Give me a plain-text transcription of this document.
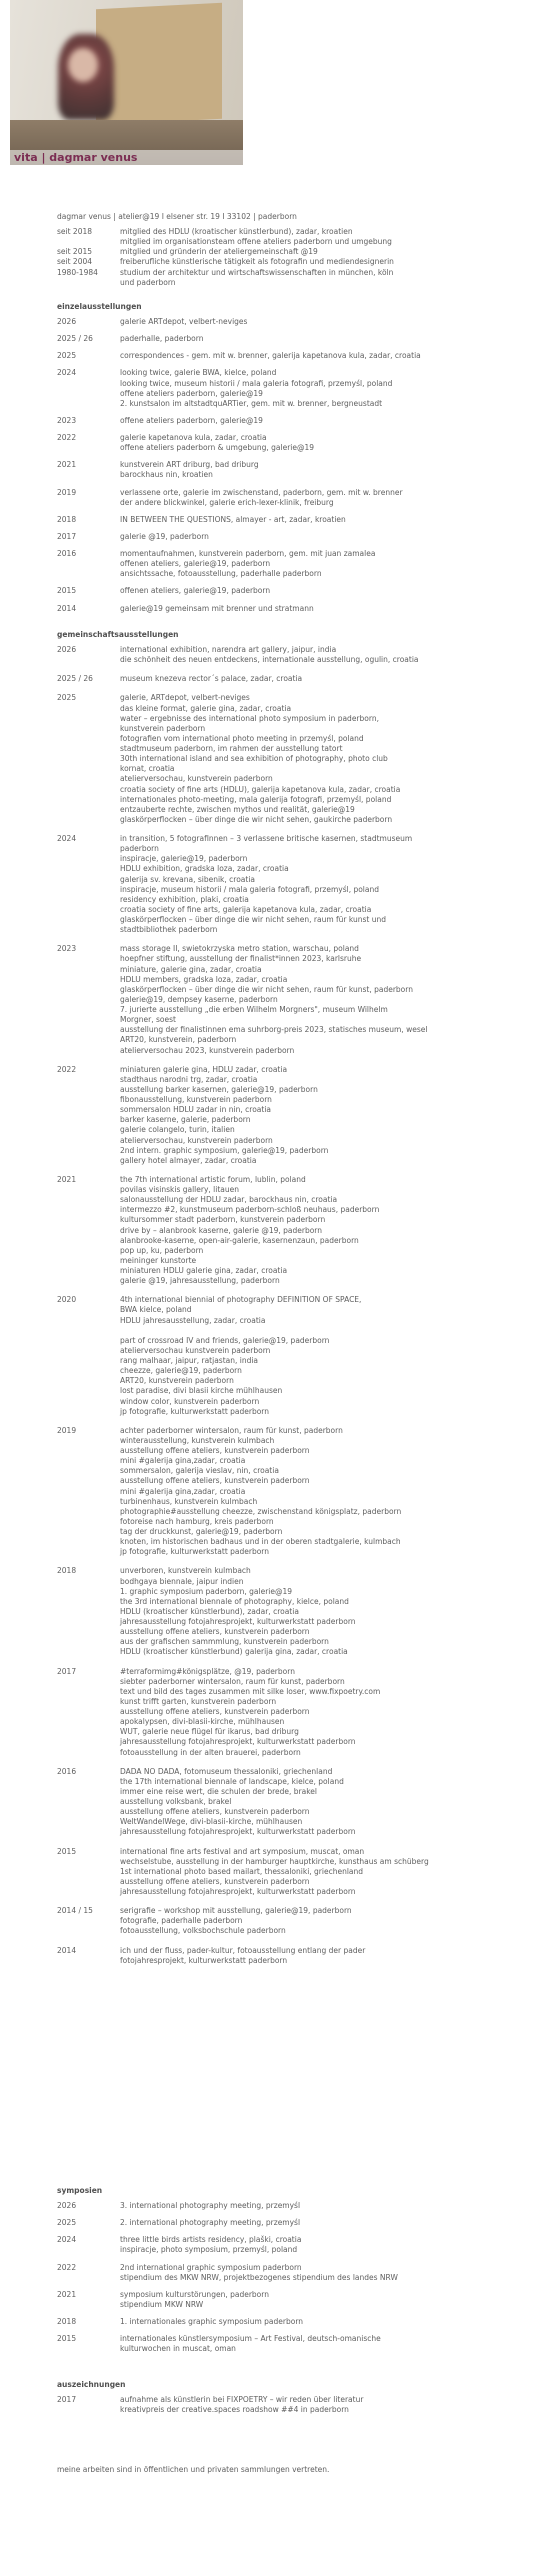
vita | dagmar venus
dagmar venus | atelier@19 I elsener str. 19 I 33102 | paderborn
seit 2018	mitglied des HDLU (kroatischer künstlerbund), zadar, kroatien
mitglied im organisationsteam offene ateliers paderborn und umgebung
seit 2015	mitglied und gründerin der ateliergemeinschaft @19
seit 2004	freiberufliche künstlerische tätigkeit als fotografin und mediendesignerin
1980-1984	studium der architektur und wirtschaftswissenschaften in münchen, köln
und paderborn
einzelausstellungen
2026	galerie ARTdepot, velbert-neviges
2025 / 26	paderhalle, paderborn
2025	correspondences - gem. mit w. brenner, galerija kapetanova kula, zadar, croatia
2024	looking twice, galerie BWA, kielce, poland
looking twice, museum historii / mala galeria fotografi, przemyśl, poland
offene ateliers paderborn, galerie@19
2. kunstsalon im altstadtquARTier, gem. mit w. brenner, bergneustadt
2023	offene ateliers paderborn, galerie@19
2022	galerie kapetanova kula, zadar, croatia
offene ateliers paderborn & umgebung, galerie@19
2021	kunstverein ART driburg, bad driburg
barockhaus nin, kroatien
2019	verlassene orte, galerie im zwischenstand, paderborn, gem. mit w. brenner
der andere blickwinkel, galerie erich-lexer-klinik, freiburg
2018	IN BETWEEN THE QUESTIONS, almayer - art, zadar, kroatien
2017	galerie @19, paderborn
2016	momentaufnahmen, kunstverein paderborn, gem. mit juan zamalea
offenen ateliers, galerie@19, paderborn
ansichtssache, fotoausstellung, paderhalle paderborn
2015	offenen ateliers, galerie@19, paderborn
2014	galerie@19 gemeinsam mit brenner und stratmann
gemeinschaftsausstellungen
2026	international exhibition, narendra art gallery, jaipur, india
die schönheit des neuen entdeckens, internationale ausstellung, ogulin, croatia
2025 / 26	museum knezeva rector´s palace, zadar, croatia
2025	galerie, ARTdepot, velbert-neviges
das kleine format, galerie gina, zadar, croatia
water – ergebnisse des international photo symposium in paderborn,
kunstverein paderborn
fotografien vom international photo meeting in przemyśl, poland
stadtmuseum paderborn, im rahmen der ausstellung tatort
30th international island and sea exhibition of photography, photo club
kornat, croatia
atelierversochau, kunstverein paderborn
croatia society of fine arts (HDLU), galerija kapetanova kula, zadar, croatia
internationales photo-meeting, mala galerija fotografi, przemyśl, poland
entzauberte rechte, zwischen mythos und realität, galerie@19
glaskörperflocken – über dinge die wir nicht sehen, gaukirche paderborn
2024	in transition, 5 fotografInnen – 3 verlassene britische kasernen, stadtmuseum
paderborn
inspiracje, galerie@19, paderborn
HDLU exhibition, gradska loza, zadar, croatia
galerija sv. krevana, sibenik, croatia
inspiracje, museum historii / mala galeria fotografi, przemyśl, poland
residency exhibition, plaki, croatia
croatia society of fine arts, galerija kapetanova kula, zadar, croatia
glaskörperflocken – über dinge die wir nicht sehen, raum für kunst und
stadtbibliothek paderborn
2023	mass storage II, swietokrzyska metro station, warschau, poland
hoepfner stiftung, ausstellung der finalist*innen 2023, karlsruhe
miniature, galerie gina, zadar, croatia
HDLU members, gradska loza, zadar, croatia
glaskörperflocken – über dinge die wir nicht sehen, raum für kunst, paderborn
galerie@19, dempsey kaserne, paderborn
7. jurierte ausstellung „die erben Wilhelm Morgners", museum Wilhelm
Morgner, soest
ausstellung der finalistinnen ema suhrborg-preis 2023, statisches museum, wesel
ART20, kunstverein, paderborn
atelierversochau 2023, kunstverein paderborn
2022	miniaturen galerie gina, HDLU zadar, croatia
stadthaus narodni trg, zadar, croatia
ausstellung barker kasernen, galerie@19, paderborn
fibonausstellung, kunstverein paderborn
sommersalon HDLU zadar in nin, croatia
barker kaserne, galerie, paderborn
galerie colangelo, turin, italien
atelierversochau, kunstverein paderborn
2nd intern. graphic symposium, galerie@19, paderborn
gallery hotel almayer, zadar, croatia
2021	the 7th international artistic forum, lublin, poland
povilas visinskis gallery, litauen
salonausstellung der HDLU zadar, barockhaus nin, croatia
intermezzo #2, kunstmuseum paderborn-schloß neuhaus, paderborn
kultursommer stadt paderborn, kunstverein paderborn
drive by – alanbrook kaserne, galerie @19, paderborn
alanbrooke-kaserne, open-air-galerie, kasernenzaun, paderborn
pop up, ku, paderborn
meininger kunstorte
miniaturen HDLU galerie gina, zadar, croatia
galerie @19, jahresausstellung, paderborn
2020	4th international biennial of photography DEFINITION OF SPACE,
BWA kielce, poland
HDLU jahresausstellung, zadar, croatia

part of crossroad IV and friends, galerie@19, paderborn
atelierversochau kunstverein paderborn
rang malhaar, jaipur, ratjastan, india
cheezze, galerie@19, paderborn
ART20, kunstverein paderborn
lost paradise, divi blasii kirche mühlhausen
window color, kunstverein paderborn
jp fotografie, kulturwerkstatt paderborn
2019	achter paderborner wintersalon, raum für kunst, paderborn
winterausstellung, kunstverein kulmbach
ausstellung offene ateliers, kunstverein paderborn
mini #galerija gina,zadar, croatia
sommersalon, galerija vieslav, nin, croatia
ausstellung offene ateliers, kunstverein paderborn
mini #galerija gina,zadar, croatia
turbinenhaus, kunstverein kulmbach
photographie#ausstellung cheezze, zwischenstand königsplatz, paderborn
fotoreise nach hamburg, kreis paderborn
tag der druckkunst, galerie@19, paderborn
knoten, im historischen badhaus und in der oberen stadtgalerie, kulmbach
jp fotografie, kulturwerkstatt paderborn
2018	unverboren, kunstverein kulmbach
bodhgaya biennale, jaipur indien
1. graphic symposium paderborn, galerie@19
the 3rd international biennale of photography, kielce, poland
HDLU (kroatischer künstlerbund), zadar, croatia
jahresausstellung fotojahresprojekt, kulturwerkstatt paderborn
ausstellung offene ateliers, kunstverein paderborn
aus der grafischen sammmlung, kunstverein paderborn
HDLU (kroatischer künstlerbund) galerija gina, zadar, croatia
2017	#terraformimg#königsplätze, @19, paderborn
siebter paderborner wintersalon, raum für kunst, paderborn
text und bild des tages zusammen mit silke loser, www.fixpoetry.com
kunst trifft garten, kunstverein paderborn
ausstellung offene ateliers, kunstverein paderborn
apokalypsen, divi-blasii-kirche, mühlhausen
WUT, galerie neue flügel für ikarus, bad driburg
jahresausstellung fotojahresprojekt, kulturwerkstatt paderborn
fotoausstellung in der alten brauerei, paderborn
2016	DADA NO DADA, fotomuseum thessaloniki, griechenland
the 17th international biennale of landscape, kielce, poland
immer eine reise wert, die schulen der brede, brakel
ausstellung volksbank, brakel
ausstellung offene ateliers, kunstverein paderborn
WeltWandelWege, divi-blasii-kirche, mühlhausen
jahresausstellung fotojahresprojekt, kulturwerkstatt paderborn
2015	international fine arts festival and art symposium, muscat, oman
wechselstube, ausstellung in der hamburger hauptkirche, kunsthaus am schüberg
1st international photo based mailart, thessaloniki, griechenland
ausstellung offene ateliers, kunstverein paderborn
jahresausstellung fotojahresprojekt, kulturwerkstatt paderborn
2014 / 15	serigrafie – workshop mit ausstellung, galerie@19, paderborn
fotografie, paderhalle paderborn
fotoausstellung, volksbochschule paderborn
2014	ich und der fluss, pader-kultur, fotoausstellung entlang der pader
fotojahresprojekt, kulturwerkstatt paderborn
symposien
2026	3. international photography meeting, przemyśl
2025	2. international photography meeting, przemyśl
2024	three little birds artists residency, plaški, croatia
inspiracje, photo symposium, przemyśl, poland
2022	2nd international graphic symposium paderborn
stipendium des MKW NRW, projektbezogenes stipendium des landes NRW
2021	symposium kulturstörungen, paderborn
stipendium MKW NRW
2018	1. internationales graphic symposium paderborn
2015	internationales künstlersymposium – Art Festival, deutsch-omanische
kulturwochen in muscat, oman
auszeichnungen
2017	aufnahme als künstlerin bei FIXPOETRY – wir reden über literatur
kreativpreis der creative.spaces roadshow ##4 in paderborn
meine arbeiten sind in öffentlichen und privaten sammlungen vertreten.
